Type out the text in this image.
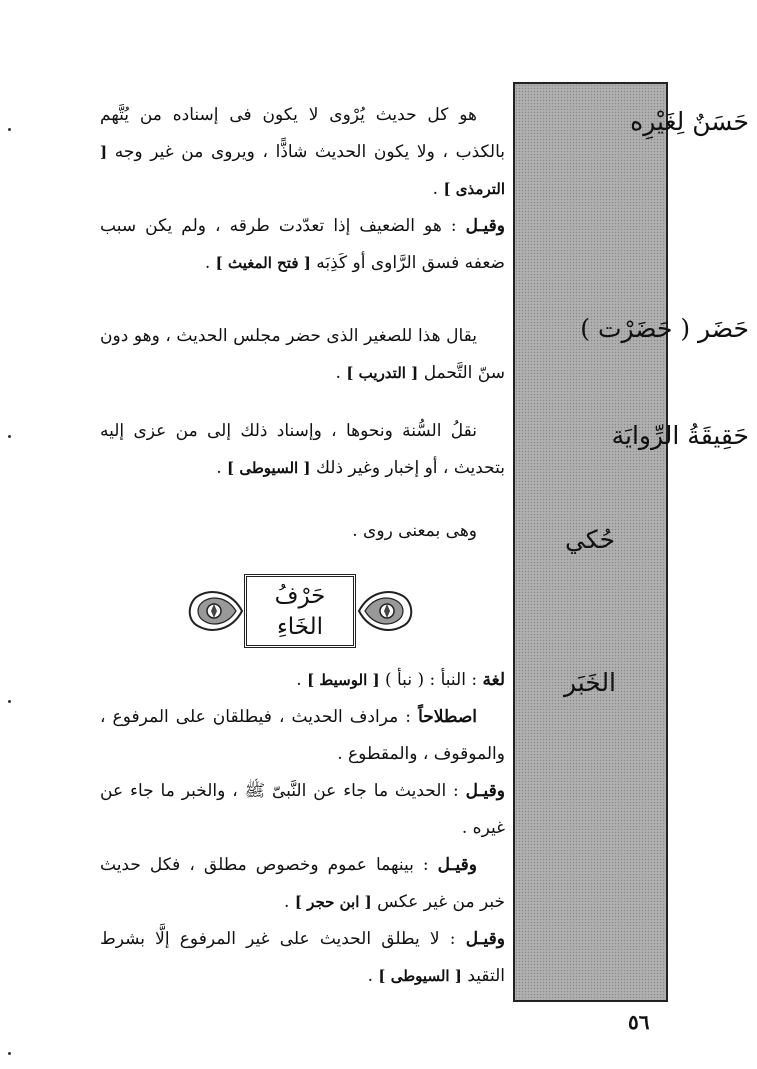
حَسَنٌ لِغَيْرِه
حَضَر ( حَضَرْت )
حَقِيقَةُ الرِّوايَة
حُكي
الخَبَر
هو كل حديث يُرْوى لا يكون فى إسناده من يُتَّهم بالكذب ، ولا يكون الحديث شاذًّا ، ويروى من غير وجه [ الترمذى ] .
وقيـل : هو الضعيف إذا تعدّدت طرقه ، ولم يكن سبب ضعفه فسق الرَّاوى أو كَذِبَه [ فتح المغيث ] .
يقال هذا للصغير الذى حضر مجلس الحديث ، وهو دون سنّ التَّحمل [ التدريب ] .
نقلُ السُّنة ونحوها ، وإسناد ذلك إلى من عزى إليه بتحديث ، أو إخبار وغير ذلك [ السيوطى ] .
وهى بمعنى روى .
حَرْفُ
الخَاءِ
لغة : النبأ : ( نبأ ) [ الوسيط ] .
اصطلاحاً : مرادف الحديث ، فيطلقان على المرفوع ، والموقوف ، والمقطوع .
وقيـل : الحديث ما جاء عن النَّبىّ ﷺ ، والخبر ما جاء عن غيره .
وقيـل : بينهما عموم وخصوص مطلق ، فكل حديث خبر من غير عكس [ ابن حجر ] .
وقيـل : لا يطلق الحديث على غير المرفوع إلَّا بشرط التقيد [ السيوطى ] .
٥٦
